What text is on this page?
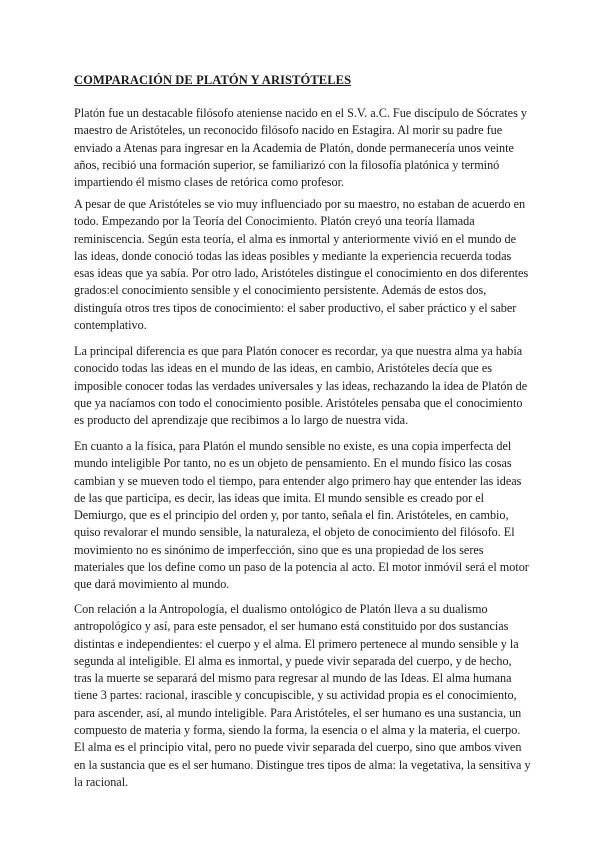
COMPARACIÓN DE PLATÓN Y ARISTÓTELES

Platón fue un destacable filósofo ateniense nacido en el S.V. a.C. Fue discípulo de Sócrates y maestro de Aristóteles, un reconocido filósofo nacido en Estagira. Al morir su padre fue enviado a Atenas para ingresar en la Academia de Platón, donde permanecería unos veinte años, recibió una formación superior, se familiarizó con la filosofía platónica y terminó impartiendo él mismo clases de retórica como profesor.

A pesar de que Aristóteles se vio muy influenciado por su maestro, no estaban de acuerdo en todo. Empezando por la Teoría del Conocimiento. Platón creyó una teoría llamada reminiscencia. Según esta teoría, el alma es inmortal y anteriormente vivió en el mundo de las ideas, donde conoció todas las ideas posibles y mediante la experiencia recuerda todas esas ideas que ya sabía. Por otro lado, Aristóteles distingue el conocimiento en dos diferentes grados:el conocimiento sensible y el conocimiento persistente. Además de estos dos, distinguía otros tres tipos de conocimiento: el saber productivo, el saber práctico y el saber contemplativo.

La principal diferencia es que para Platón conocer es recordar, ya que nuestra alma ya había conocido todas las ideas en el mundo de las ideas, en cambio, Aristóteles decía que es imposible conocer todas las verdades universales y las ideas, rechazando la idea de Platón de que ya nacíamos con todo el conocimiento posible. Aristóteles pensaba que el conocimiento es producto del aprendizaje que recibimos a lo largo de nuestra vida.

En cuanto a la física, para Platón el mundo sensible no existe, es una copia imperfecta del mundo inteligible Por tanto, no es un objeto de pensamiento. En el mundo físico las cosas cambian y se mueven todo el tiempo, para entender algo primero hay que entender las ideas de las que participa, es decir, las ideas que imita. El mundo sensible es creado por el Demiurgo, que es el principio del orden y, por tanto, señala el fin. Aristóteles, en cambio, quiso revalorar el mundo sensible, la naturaleza, el objeto de conocimiento del filósofo. El movimiento no es sinónimo de imperfección, sino que es una propiedad de los seres materiales que los define como un paso de la potencia al acto. El motor inmóvil será el motor que dará movimiento al mundo.

Con relación a la Antropología, el dualismo ontológico de Platón lleva a su dualismo antropológico y así, para este pensador, el ser humano está constituido por dos sustancias distintas e independientes: el cuerpo y el alma. El primero pertenece al mundo sensible y la segunda al inteligible. El alma es inmortal, y puede vivir separada del cuerpo, y de hecho, tras la muerte se separará del mismo para regresar al mundo de las Ideas. El alma humana tiene 3 partes: racional, irascible y concupiscible, y su actividad propia es el conocimiento, para ascender, así, al mundo inteligible. Para Aristóteles, el ser humano es una sustancia, un compuesto de materia y forma, siendo la forma, la esencia o el alma y la materia, el cuerpo. El alma es el principio vital, pero no puede vivir separada del cuerpo, sino que ambos viven en la sustancia que es el ser humano. Distingue tres tipos de alma: la vegetativa, la sensitiva y la racional.
